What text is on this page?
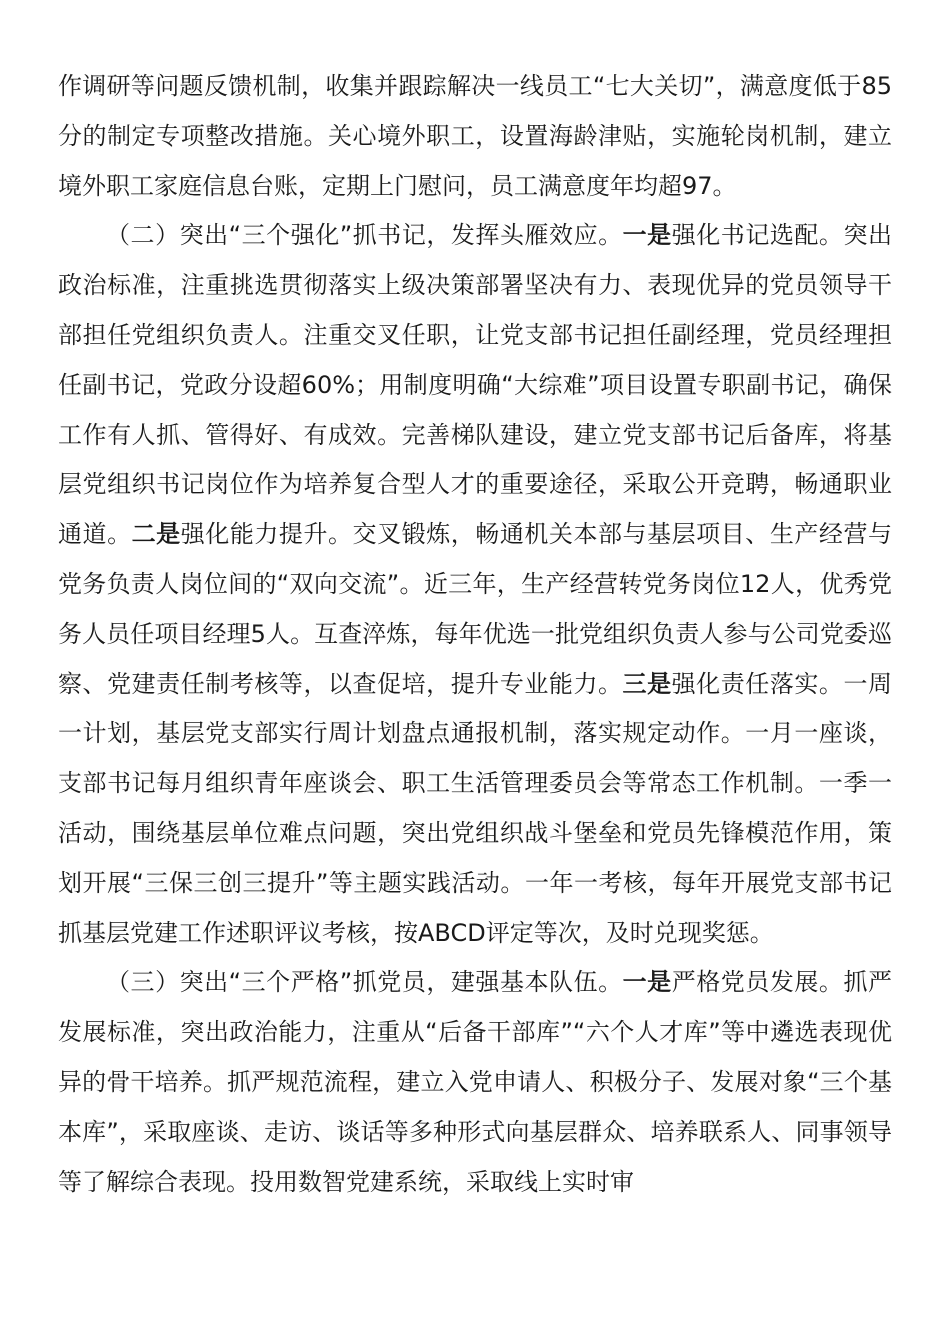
作调研等问题反馈机制，收集并跟踪解决一线员工“七大关切”，满意度低于85分的制定专项整改措施。关心境外职工，设置海龄津贴，实施轮岗机制，建立境外职工家庭信息台账，定期上门慰问，员工满意度年均超97。

（二）突出“三个强化”抓书记，发挥头雁效应。一是强化书记选配。突出政治标准，注重挑选贯彻落实上级决策部署坚决有力、表现优异的党员领导干部担任党组织负责人。注重交叉任职，让党支部书记担任副经理，党员经理担任副书记，党政分设超60%；用制度明确“大综难”项目设置专职副书记，确保工作有人抓、管得好、有成效。完善梯队建设，建立党支部书记后备库，将基层党组织书记岗位作为培养复合型人才的重要途径，采取公开竞聘，畅通职业通道。二是强化能力提升。交叉锻炼，畅通机关本部与基层项目、生产经营与党务负责人岗位间的“双向交流”。近三年，生产经营转党务岗位12人，优秀党务人员任项目经理5人。互查淬炼，每年优选一批党组织负责人参与公司党委巡察、党建责任制考核等，以查促培，提升专业能力。三是强化责任落实。一周一计划，基层党支部实行周计划盘点通报机制，落实规定动作。一月一座谈，支部书记每月组织青年座谈会、职工生活管理委员会等常态工作机制。一季一活动，围绕基层单位难点问题，突出党组织战斗堡垒和党员先锋模范作用，策划开展“三保三创三提升”等主题实践活动。一年一考核，每年开展党支部书记抓基层党建工作述职评议考核，按ABCD评定等次，及时兑现奖惩。

（三）突出“三个严格”抓党员，建强基本队伍。一是严格党员发展。抓严发展标准，突出政治能力，注重从“后备干部库”“六个人才库”等中遴选表现优异的骨干培养。抓严规范流程，建立入党申请人、积极分子、发展对象“三个基本库”，采取座谈、走访、谈话等多种形式向基层群众、培养联系人、同事领导等了解综合表现。投用数智党建系统，采取线上实时审
